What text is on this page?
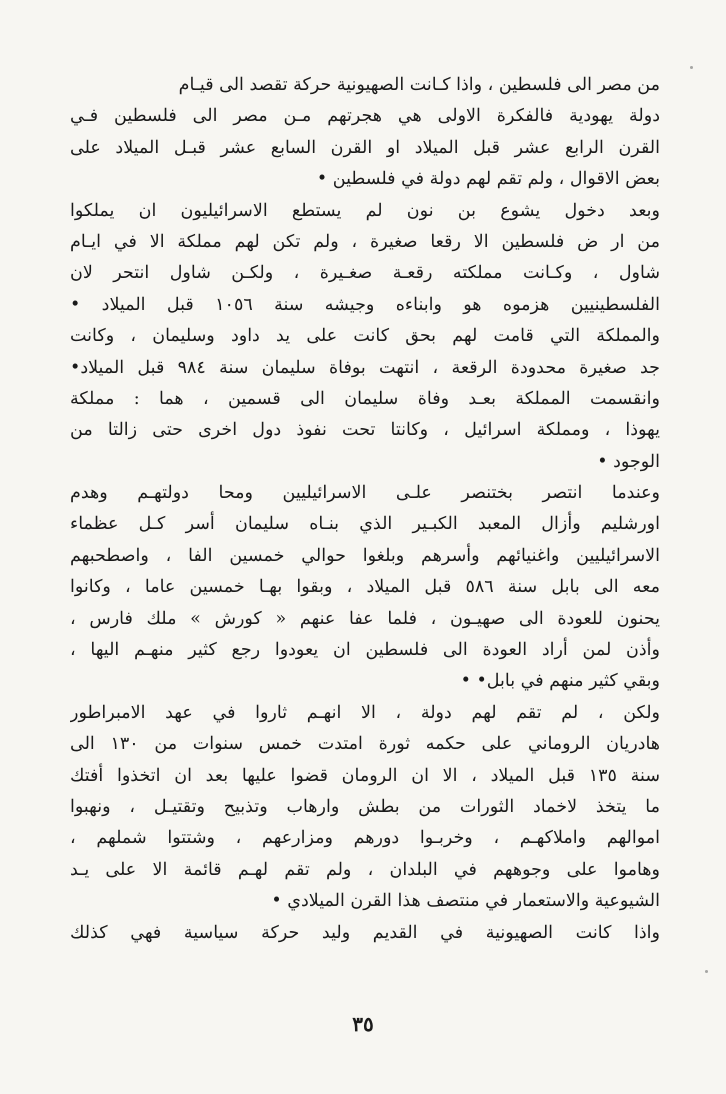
من مصر الى فلسطين ، واذا كـانت الصهيونية حركة تقصد الى قيـام
دولة يهودية فالفكرة الاولى هي هجرتهم مـن مصر الى فلسطين فـي
القرن الرابع عشر قبل الميلاد او القرن السابع عشر قبـل الميلاد على
بعض الاقوال ، ولم تقم لهم دولة في فلسطين •
وبعد دخول يشوع بن نون لم يستطع الاسرائيليون ان يملكوا
من ار ض فلسطين الا رقعا صغيرة ، ولم تكن لهم مملكة الا في ايـام
شاول ، وكـانت مملكته رقعـة صغـيرة ، ولكـن شاول انتحر لان
الفلسطينيين هزموه هو وابناءه وجيشه سنة ١٠٥٦ قبل الميلاد •
والمملكة التي قامت لهم بحق كانت على يد داود وسليمان ، وكانت
جد صغيرة محدودة الرقعة ، انتهت بوفاة سليمان سنة ٩٨٤ قبل الميلاد•
وانقسمت المملكة بعـد وفاة سليمان الى قسمين ، هما : مملكة
يهوذا ، ومملكة اسرائيل ، وكانتا تحت نفوذ دول اخرى حتى زالتا من
الوجود •
وعندما انتصر بختنصر علـى الاسرائيليين ومحا دولتهـم وهدم
اورشليم وأزال المعبد الكبـير الذي بنـاه سليمان أسر كـل عظماء
الاسرائيليين واغنيائهم وأسرهم وبلغوا حوالي خمسين الفا ، واصطحبهم
معه الى بابل سنة ٥٨٦ قبل الميلاد ، وبقوا بهـا خمسين عاما ، وكانوا
يحنون للعودة الى صهيـون ، فلما عفا عنهم « كورش » ملك فارس ،
وأذن لمن أراد العودة الى فلسطين ان يعودوا رجع كثير منهـم اليها ،
وبقي كثير منهم في بابل• •
ولكن ، لم تقم لهم دولة ، الا انهـم ثاروا في عهد الامبراطور
هادريان الروماني على حكمه ثورة امتدت خمس سنوات من ١٣٠ الى
سنة ١٣٥ قبل الميلاد ، الا ان الرومان قضوا عليها بعد ان اتخذوا أفتك
ما يتخذ لاخماد الثورات من بطش وارهاب وتذبيح وتقتيـل ، ونهبوا
اموالهم واملاكهـم ، وخربـوا دورهم ومزارعهم ، وشتتوا شملهم ،
وهاموا على وجوههم في البلدان ، ولم تقم لهـم قائمة الا على يـد
الشيوعية والاستعمار في منتصف هذا القرن الميلادي •
واذا كانت الصهيونية في القديم وليد حركة سياسية فهي كذلك
٣٥
